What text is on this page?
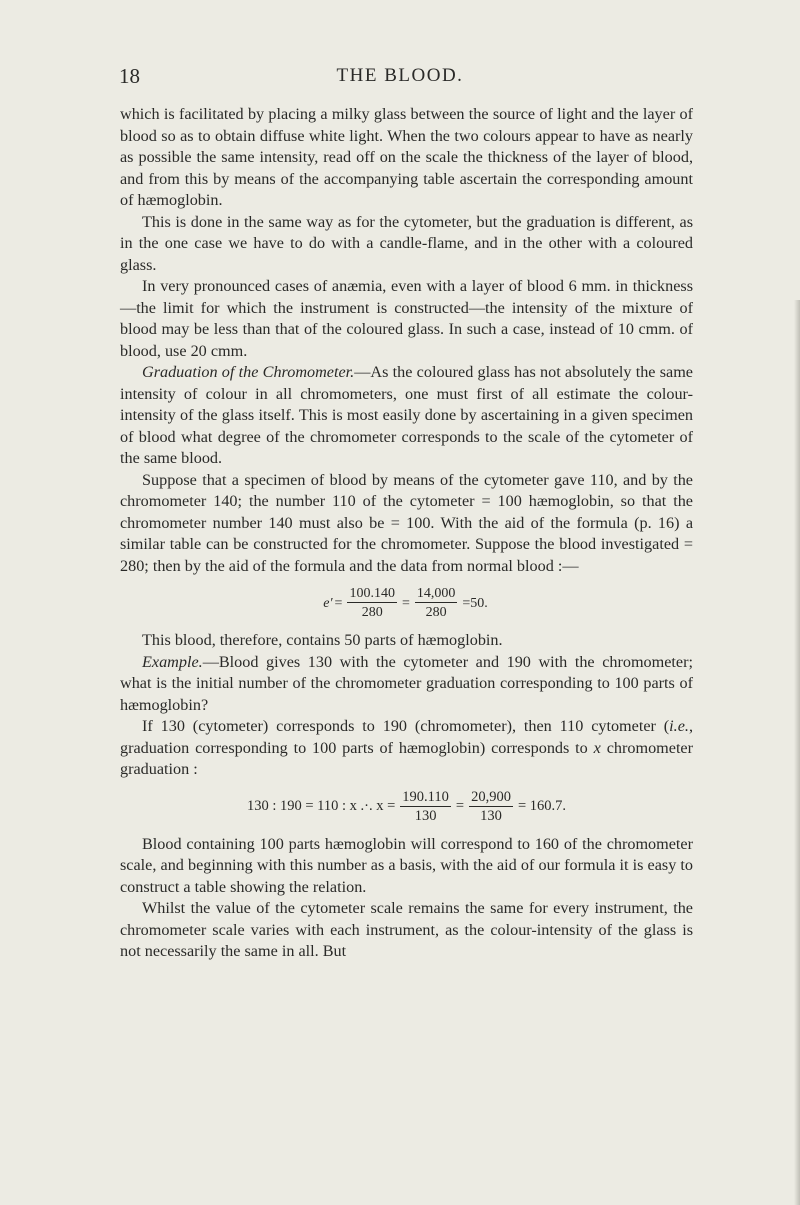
18	THE BLOOD.

which is facilitated by placing a milky glass between the source of light and the layer of blood so as to obtain diffuse white light. When the two colours appear to have as nearly as possible the same intensity, read off on the scale the thickness of the layer of blood, and from this by means of the accompanying table ascertain the corresponding amount of hæmoglobin.

This is done in the same way as for the cytometer, but the graduation is different, as in the one case we have to do with a candle-flame, and in the other with a coloured glass.

In very pronounced cases of anæmia, even with a layer of blood 6 mm. in thickness—the limit for which the instrument is constructed—the intensity of the mixture of blood may be less than that of the coloured glass. In such a case, instead of 10 cmm. of blood, use 20 cmm.

Graduation of the Chromometer.—As the coloured glass has not absolutely the same intensity of colour in all chromometers, one must first of all estimate the colour-intensity of the glass itself. This is most easily done by ascertaining in a given specimen of blood what degree of the chromometer corresponds to the scale of the cytometer of the same blood.

Suppose that a specimen of blood by means of the cytometer gave 110, and by the chromometer 140; the number 110 of the cytometer = 100 hæmoglobin, so that the chromometer number 140 must also be = 100. With the aid of the formula (p. 16) a similar table can be constructed for the chromometer. Suppose the blood investigated = 280; then by the aid of the formula and the data from normal blood :—

$e' = \frac{100.140}{280} = \frac{14,000}{280} =50$.

This blood, therefore, contains 50 parts of hæmoglobin.

Example.—Blood gives 130 with the cytometer and 190 with the chromometer; what is the initial number of the chromometer graduation corresponding to 100 parts of hæmoglobin?

If 130 (cytometer) corresponds to 190 (chromometer), then 110 cytometer (i.e., graduation corresponding to 100 parts of hæmoglobin) corresponds to x chromometer graduation :

130 : 190 = 110 : x .·. $x = \frac{190.110}{130} = \frac{20,900}{130} = 160.7$.

Blood containing 100 parts hæmoglobin will correspond to 160 of the chromometer scale, and beginning with this number as a basis, with the aid of our formula it is easy to construct a table showing the relation.

Whilst the value of the cytometer scale remains the same for every instrument, the chromometer scale varies with each instrument, as the colour-intensity of the glass is not necessarily the same in all. But
